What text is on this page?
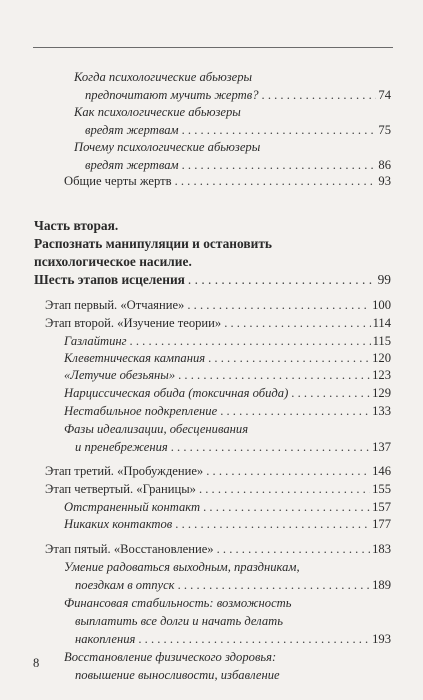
Когда психологические абьюзеры
предпочитают мучить жертв? . . .	74
Как психологические абьюзеры
вредят жертвам . . .	75
Почему психологические абьюзеры
вредят жертвам . . .	86
Общие черты жертв . . .	93
Часть вторая.
Распознать манипуляции и остановить
психологическое насилие.
Шесть этапов исцеления . . .	99
Этап первый. «Отчаяние» . . .	100
Этап второй. «Изучение теории» . . .	114
Газлайтинг . . .	115
Клеветническая кампания . . .	120
«Летучие обезьяны» . . .	123
Нарциссическая обида (токсичная обида) . . .	129
Нестабильное подкрепление . . .	133
Фазы идеализации, обесценивания
и пренебрежения . . .	137
Этап третий. «Пробуждение» . . .	146
Этап четвертый. «Границы» . . .	155
Отстраненный контакт . . .	157
Никаких контактов . . .	177
Этап пятый. «Восстановление» . . .	183
Умение радоваться выходным, праздникам,
поездкам в отпуск . . .	189
Финансовая стабильность: возможность
выплатить все долги и начать делать
накопления . . .	193
Восстановление физического здоровья:
повышение выносливости, избавление
8
